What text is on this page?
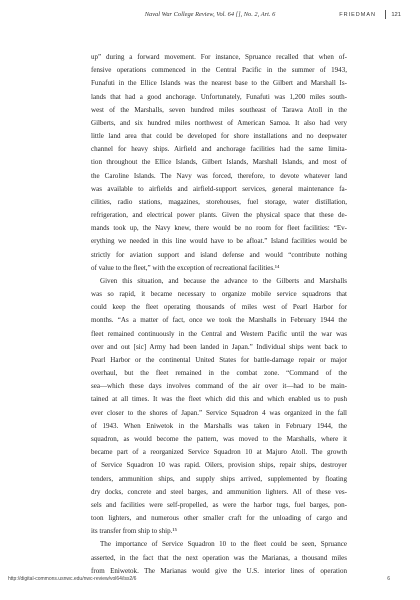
Naval War College Review, Vol. 64 [], No. 2, Art. 6	FRIEDMAN	121
up” during a forward movement. For instance, Spruance recalled that when of-
fensive operations commenced in the Central Pacific in the summer of 1943,
Funafuti in the Ellice Islands was the nearest base to the Gilbert and Marshall Is-
lands that had a good anchorage. Unfortunately, Funafuti was 1,200 miles south-
west of the Marshalls, seven hundred miles southeast of Tarawa Atoll in the
Gilberts, and six hundred miles northwest of American Samoa. It also had very
little land area that could be developed for shore installations and no deepwater
channel for heavy ships. Airfield and anchorage facilities had the same limita-
tion throughout the Ellice Islands, Gilbert Islands, Marshall Islands, and most of
the Caroline Islands. The Navy was forced, therefore, to devote whatever land
was available to airfields and airfield-support services, general maintenance fa-
cilities, radio stations, magazines, storehouses, fuel storage, water distillation,
refrigeration, and electrical power plants. Given the physical space that these de-
mands took up, the Navy knew, there would be no room for fleet facilities: “Ev-
erything we needed in this line would have to be afloat.” Island facilities would be
strictly for aviation support and island defense and would “contribute nothing
of value to the fleet,” with the exception of recreational facilities.¹⁴
Given this situation, and because the advance to the Gilberts and Marshalls
was so rapid, it became necessary to organize mobile service squadrons that
could keep the fleet operating thousands of miles west of Pearl Harbor for
months. “As a matter of fact, once we took the Marshalls in February 1944 the
fleet remained continuously in the Central and Western Pacific until the war was
over and out [sic] Army had been landed in Japan.” Individual ships went back to
Pearl Harbor or the continental United States for battle-damage repair or major
overhaul, but the fleet remained in the combat zone. “Command of the
sea—which these days involves command of the air over it—had to be main-
tained at all times. It was the fleet which did this and which enabled us to push
ever closer to the shores of Japan.” Service Squadron 4 was organized in the fall
of 1943. When Eniwetok in the Marshalls was taken in February 1944, the
squadron, as would become the pattern, was moved to the Marshalls, where it
became part of a reorganized Service Squadron 10 at Majuro Atoll. The growth
of Service Squadron 10 was rapid. Oilers, provision ships, repair ships, destroyer
tenders, ammunition ships, and supply ships arrived, supplemented by floating
dry docks, concrete and steel barges, and ammunition lighters. All of these ves-
sels and facilities were self-propelled, as were the harbor tugs, fuel barges, pon-
toon lighters, and numerous other smaller craft for the unloading of cargo and
its transfer from ship to ship.¹⁵
The importance of Service Squadron 10 to the fleet could be seen, Spruance
asserted, in the fact that the next operation was the Marianas, a thousand miles
from Eniwetok. The Marianas would give the U.S. interior lines of operation
http://digital-commons.usnwc.edu/nwc-review/vol64/iss2/6	6
